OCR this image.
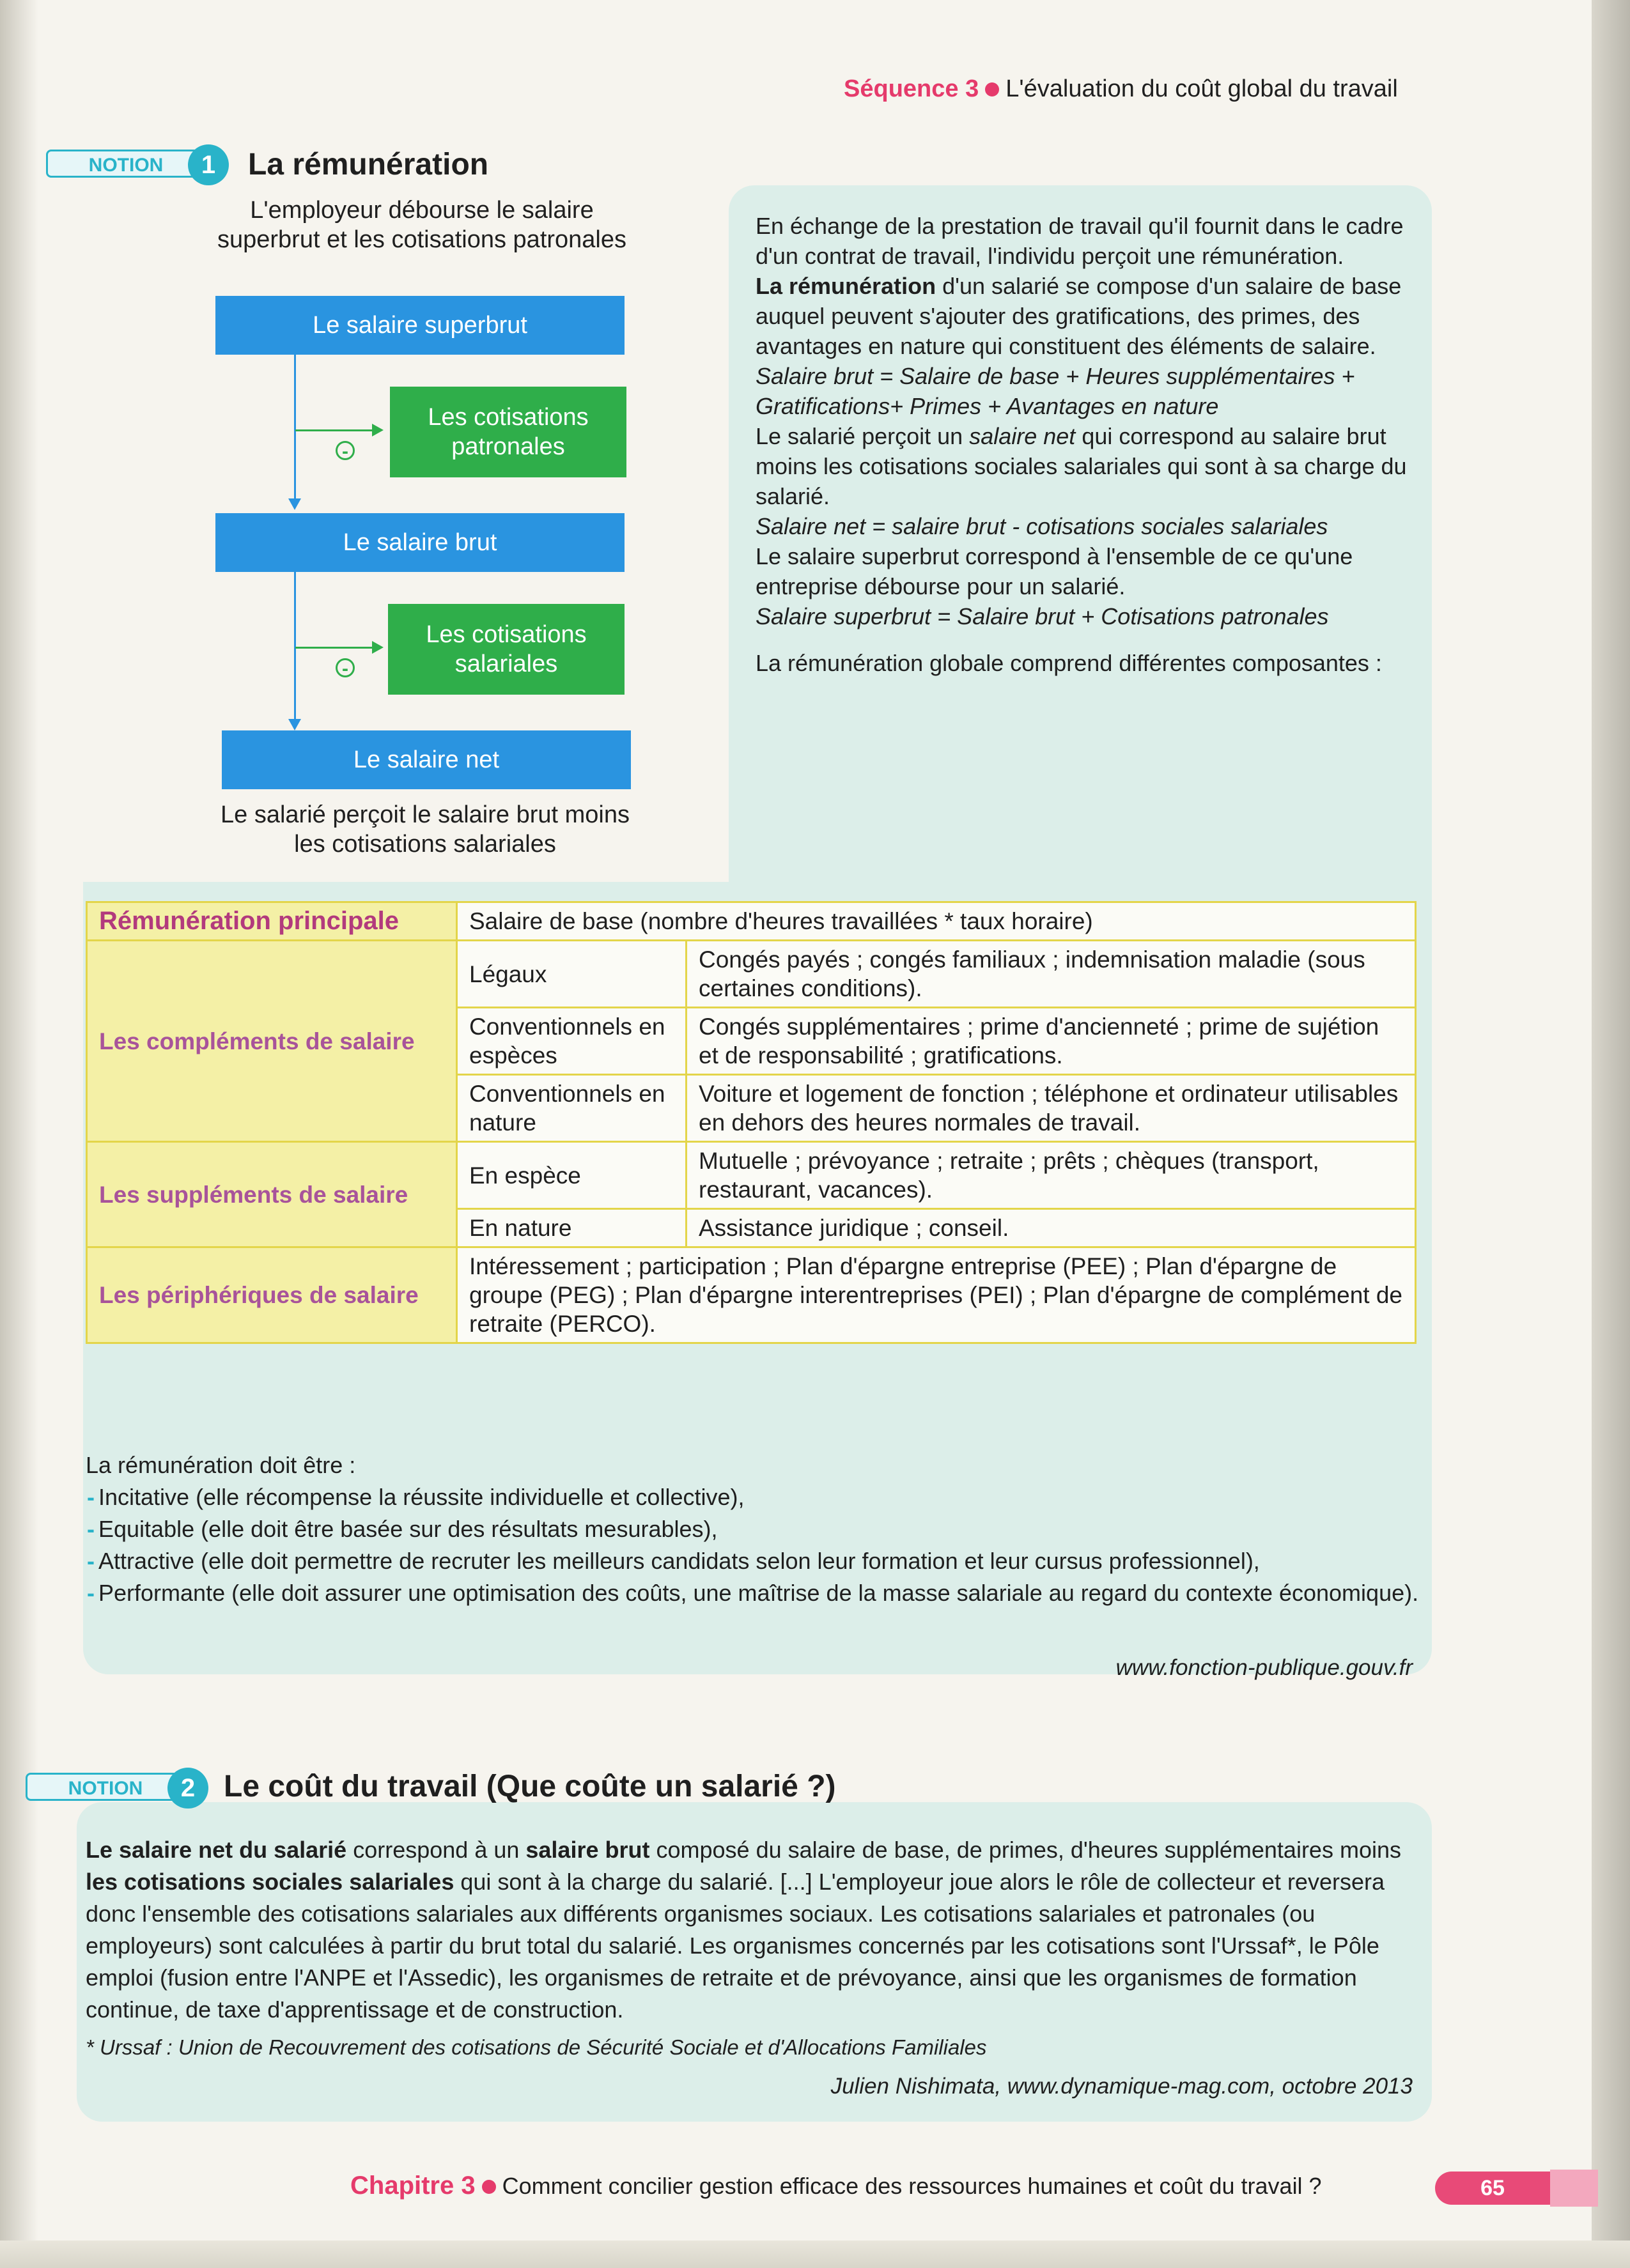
Séquence 3 L'évaluation du coût global du travail
NOTION	1	La rémunération
L'employeur débourse le salaire superbrut et les cotisations patronales
Le salaire superbrut
-
Les cotisations patronales
Le salaire brut
-
Les cotisations salariales
Le salaire net
Le salarié perçoit le salaire brut moins les cotisations salariales

En échange de la prestation de travail qu'il fournit dans le cadre d'un contrat de travail, l'individu perçoit une rémunération.

La rémunération d'un salarié se compose d'un salaire de base auquel peuvent s'ajouter des gratifications, des primes, des avantages en nature qui constituent des éléments de salaire.

Salaire brut = Salaire de base + Heures supplémentaires + Gratifications+ Primes + Avantages en nature

Le salarié perçoit un salaire net qui correspond au salaire brut moins les cotisations sociales salariales qui sont à sa charge du salarié.

Salaire net = salaire brut - cotisations sociales salariales

Le salaire superbrut correspond à l'ensemble de ce qu'une entreprise débourse pour un salarié.

Salaire superbrut = Salaire brut + Cotisations patronales

La rémunération globale comprend différentes composantes :

Rémunération principale	Salaire de base (nombre d'heures travaillées * taux horaire)	
Les compléments de salaire	Légaux	Congés payés ; congés familiaux ; indemnisation maladie (sous certaines conditions).
	Conventionnels en espèces	Congés supplémentaires ; prime d'ancienneté ; prime de sujétion et de responsabilité ; gratifications.
	Conventionnels en nature	Voiture et logement de fonction ; téléphone et ordinateur utilisables en dehors des heures normales de travail.
Les suppléments de salaire	En espèce	Mutuelle ; prévoyance ; retraite ; prêts ; chèques (transport, restaurant, vacances).
	En nature	Assistance juridique ; conseil.
Les périphériques de salaire	Intéressement ; participation ; Plan d'épargne entreprise (PEE) ; Plan d'épargne de groupe (PEG) ; Plan d'épargne interentreprises (PEI) ; Plan d'épargne de complément de retraite (PERCO).	
La rémunération doit être :
- Incitative (elle récompense la réussite individuelle et collective),
- Equitable (elle doit être basée sur des résultats mesurables),
- Attractive (elle doit permettre de recruter les meilleurs candidats selon leur formation et leur cursus professionnel),
- Performante (elle doit assurer une optimisation des coûts, une maîtrise de la masse salariale au regard du contexte économique).
www.fonction-publique.gouv.fr
NOTION	2 Le coût du travail (Que coûte un salarié ?)
Le salaire net du salarié correspond à un salaire brut composé du salaire de base, de primes, d'heures supplémentaires moins les cotisations sociales salariales qui sont à la charge du salarié. [...] L'employeur joue alors le rôle de collecteur et reversera donc l'ensemble des cotisations salariales aux différents organismes sociaux. Les cotisations salariales et patronales (ou employeurs) sont calculées à partir du brut total du salarié. Les organismes concernés par les cotisations sont l'Urssaf*, le Pôle emploi (fusion entre l'ANPE et l'Assedic), les organismes de retraite et de prévoyance, ainsi que les organismes de formation continue, de taxe d'apprentissage et de construction.
* Urssaf : Union de Recouvrement des cotisations de Sécurité Sociale et d'Allocations Familiales
Julien Nishimata, www.dynamique-mag.com, octobre 2013
Chapitre 3 Comment concilier gestion efficace des ressources humaines et coût du travail ?	65
